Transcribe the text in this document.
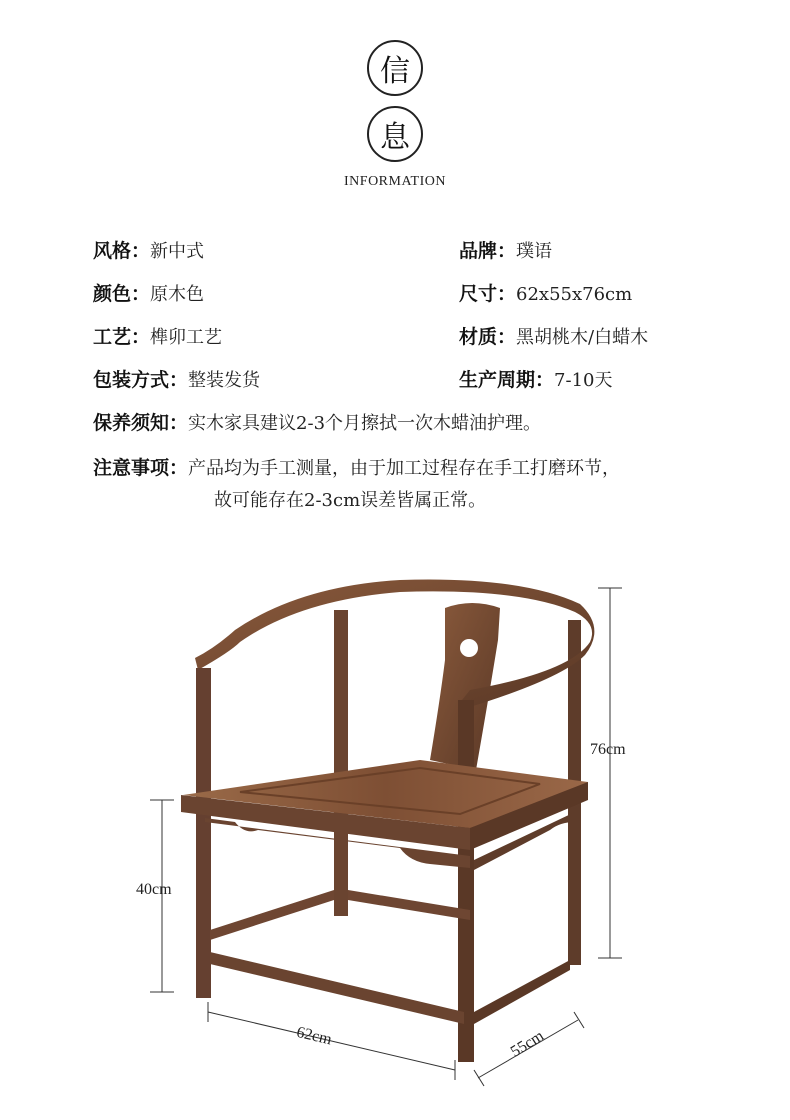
信
息
INFORMATION
风格：新中式	品牌：璞语
颜色：原木色	尺寸：62x55x76cm
工艺：榫卯工艺	材质：黑胡桃木/白蜡木
包装方式：整装发货	生产周期：7-10天
保养须知：实木家具建议2-3个月擦拭一次木蜡油护理。
注意事项：产品均为手工测量，由于加工过程存在手工打磨环节，
故可能存在2-3cm误差皆属正常。
76cm
40cm
62cm	55cm
